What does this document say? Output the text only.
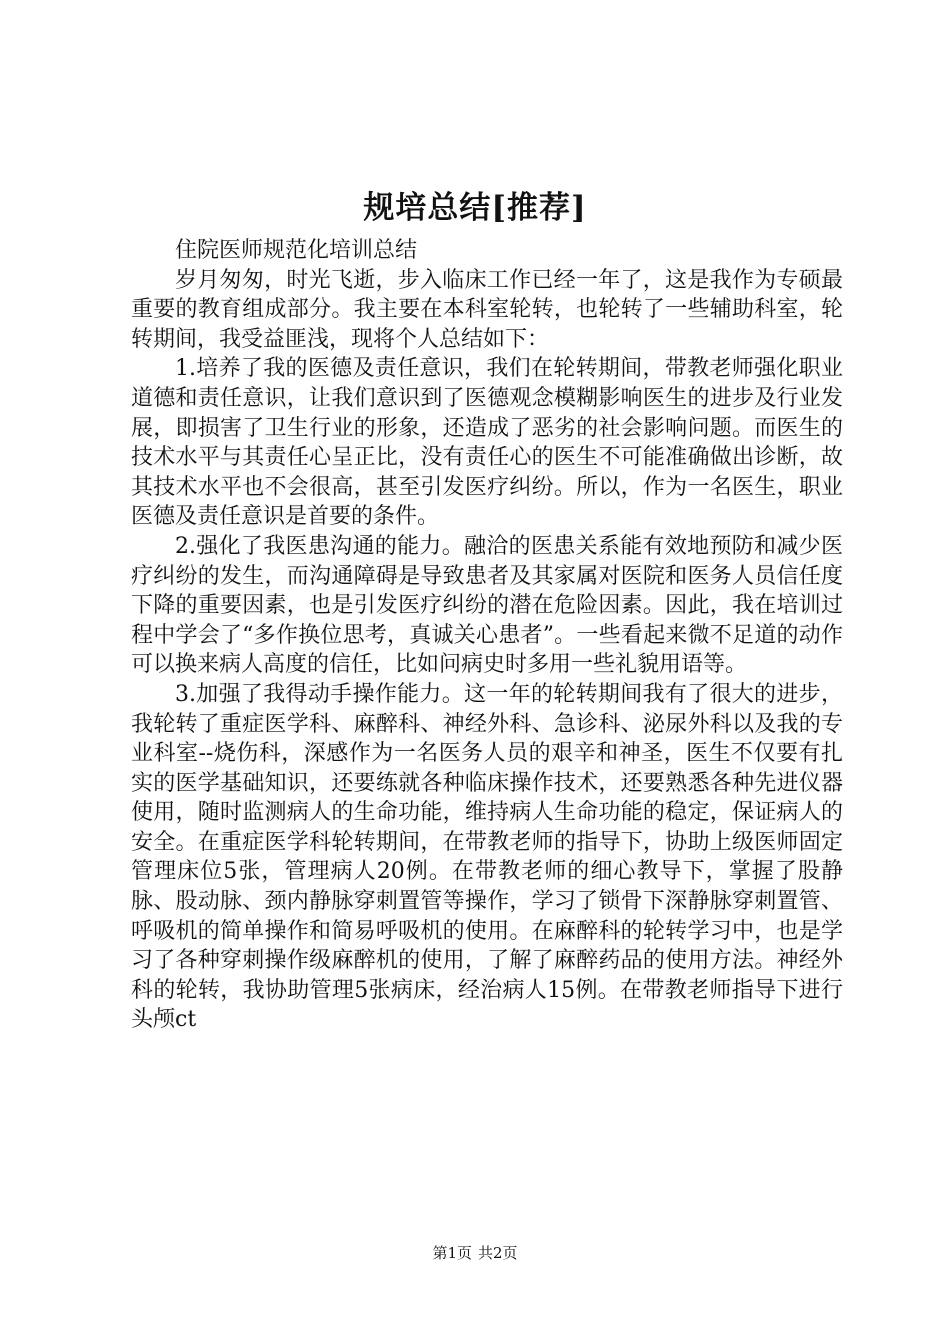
规培总结[推荐]

住院医师规范化培训总结

岁月匆匆，时光飞逝，步入临床工作已经一年了，这是我作为专硕最重要的教育组成部分。我主要在本科室轮转，也轮转了一些辅助科室，轮转期间，我受益匪浅，现将个人总结如下：

1.培养了我的医德及责任意识，我们在轮转期间，带教老师强化职业道德和责任意识，让我们意识到了医德观念模糊影响医生的进步及行业发展，即损害了卫生行业的形象，还造成了恶劣的社会影响问题。而医生的技术水平与其责任心呈正比，没有责任心的医生不可能准确做出诊断，故其技术水平也不会很高，甚至引发医疗纠纷。所以，作为一名医生，职业医德及责任意识是首要的条件。

2.强化了我医患沟通的能力。融洽的医患关系能有效地预防和减少医疗纠纷的发生，而沟通障碍是导致患者及其家属对医院和医务人员信任度下降的重要因素，也是引发医疗纠纷的潜在危险因素。因此，我在培训过程中学会了“多作换位思考，真诚关心患者”。一些看起来微不足道的动作可以换来病人高度的信任，比如问病史时多用一些礼貌用语等。

3.加强了我得动手操作能力。这一年的轮转期间我有了很大的进步，我轮转了重症医学科、麻醉科、神经外科、急诊科、泌尿外科以及我的专业科室--烧伤科，深感作为一名医务人员的艰辛和神圣，医生不仅要有扎实的医学基础知识，还要练就各种临床操作技术，还要熟悉各种先进仪器使用，随时监测病人的生命功能，维持病人生命功能的稳定，保证病人的安全。在重症医学科轮转期间，在带教老师的指导下，协助上级医师固定管理床位5张，管理病人20例。在带教老师的细心教导下，掌握了股静脉、股动脉、颈内静脉穿刺置管等操作，学习了锁骨下深静脉穿刺置管、呼吸机的简单操作和简易呼吸机的使用。在麻醉科的轮转学习中，也是学习了各种穿刺操作级麻醉机的使用，了解了麻醉药品的使用方法。神经外科的轮转，我协助管理5张病床，经治病人15例。在带教老师指导下进行头颅ct

第1页 共2页
